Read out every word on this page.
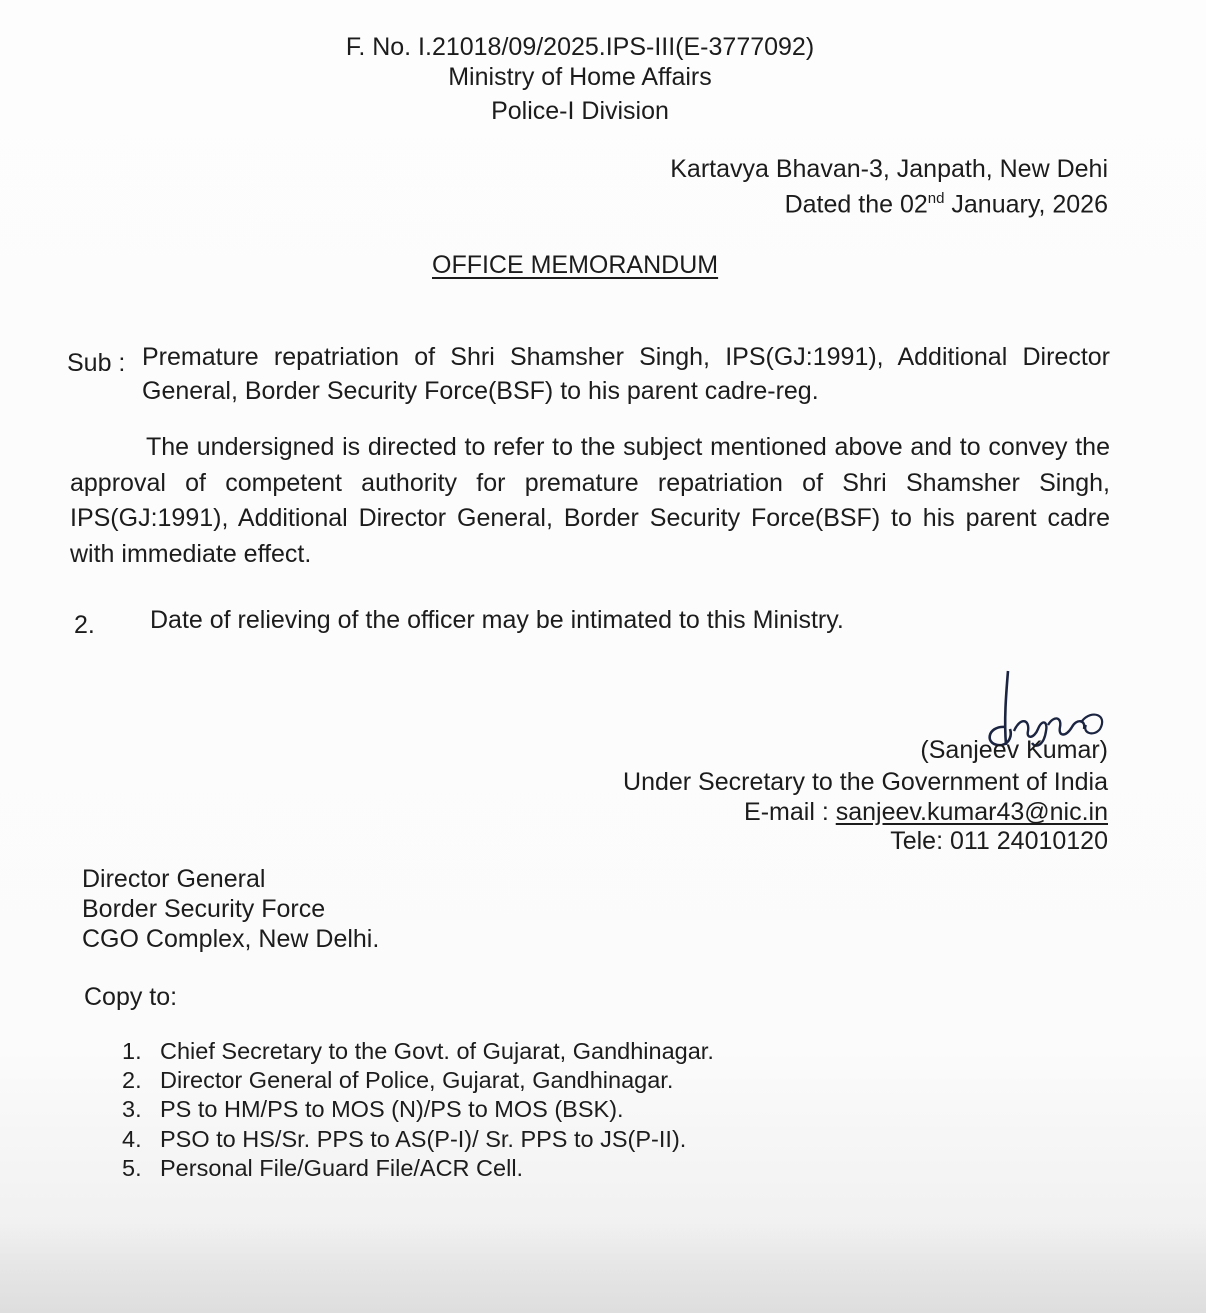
F. No. I.21018/09/2025.IPS-III(E-3777092)
Ministry of Home Affairs
Police-I Division
Kartavya Bhavan-3, Janpath, New Dehi
Dated the 02nd January, 2026
OFFICE MEMORANDUM
Sub : Premature repatriation of Shri Shamsher Singh, IPS(GJ:1991), Additional Director General, Border Security Force(BSF) to his parent cadre-reg.
The undersigned is directed to refer to the subject mentioned above and to convey the approval of competent authority for premature repatriation of Shri Shamsher Singh, IPS(GJ:1991), Additional Director General, Border Security Force(BSF) to his parent cadre with immediate effect.
2. Date of relieving of the officer may be intimated to this Ministry.
(Sanjeev Kumar)
Under Secretary to the Government of India
E-mail : sanjeev.kumar43@nic.in
Tele: 011 24010120
Director General
Border Security Force
CGO Complex, New Delhi.
Copy to:
1. Chief Secretary to the Govt. of Gujarat, Gandhinagar.
2. Director General of Police, Gujarat, Gandhinagar.
3. PS to HM/PS to MOS (N)/PS to MOS (BSK).
4. PSO to HS/Sr. PPS to AS(P-I)/ Sr. PPS to JS(P-II).
5. Personal File/Guard File/ACR Cell.
